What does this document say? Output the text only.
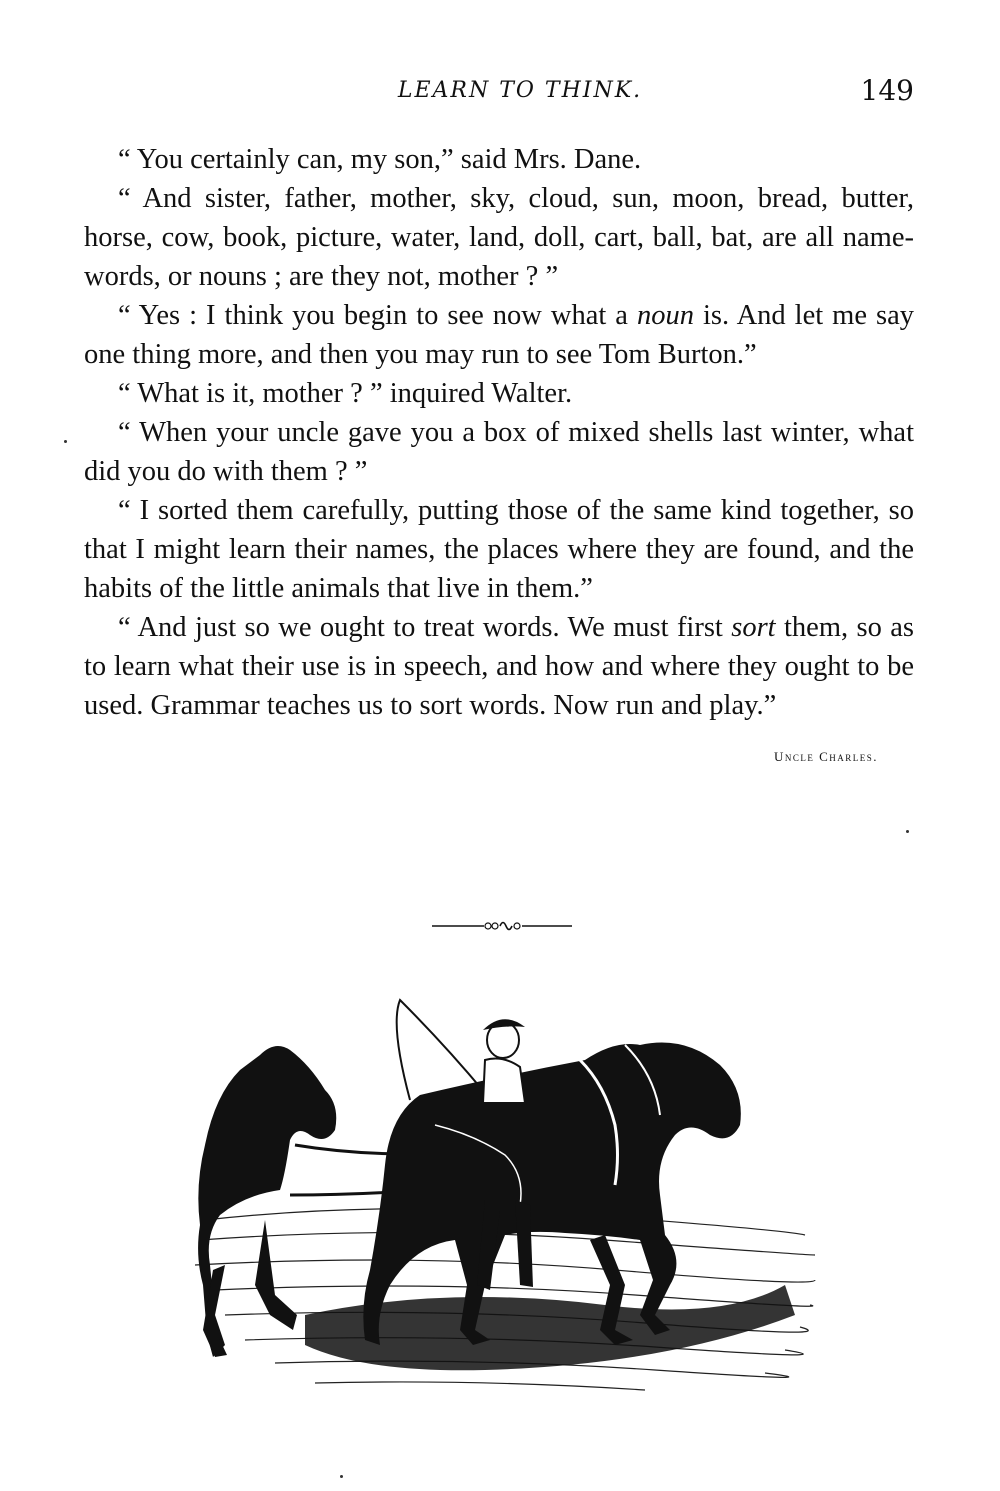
LEARN TO THINK.	149

“ You certainly can, my son,” said Mrs. Dane.

“ And sister, father, mother, sky, cloud, sun, moon, bread, butter, horse, cow, book, picture, water, land, doll, cart, ball, bat, are all name-words, or nouns ; are they not, mother ? ”

“ Yes : I think you begin to see now what a noun is. And let me say one thing more, and then you may run to see Tom Burton.”

“ What is it, mother ? ” inquired Walter.

“ When your uncle gave you a box of mixed shells last winter, what did you do with them ? ”

“ I sorted them carefully, putting those of the same kind together, so that I might learn their names, the places where they are found, and the habits of the little animals that live in them.”

“ And just so we ought to treat words. We must first sort them, so as to learn what their use is in speech, and how and where they ought to be used. Grammar teaches us to sort words. Now run and play.”
Uncle Charles.
